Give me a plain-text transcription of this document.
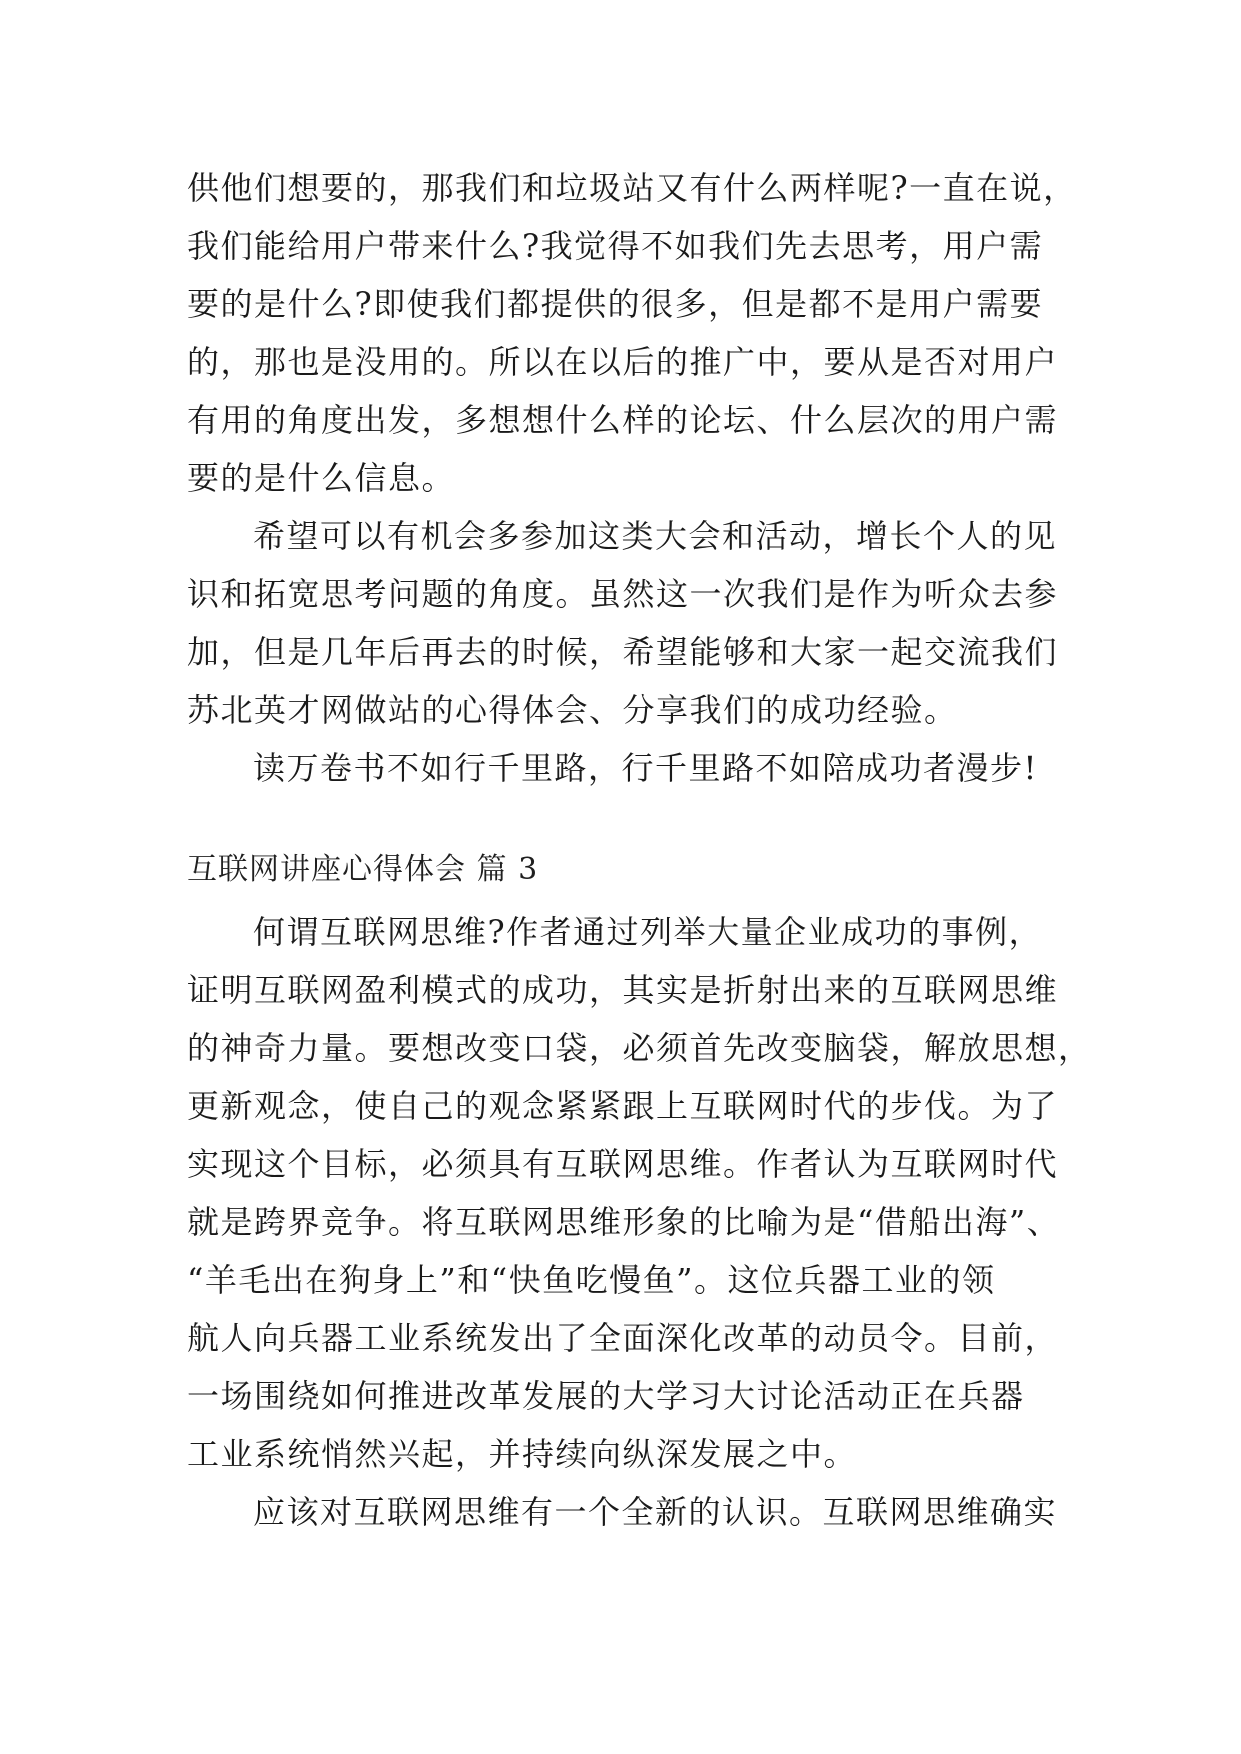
供他们想要的，那我们和垃圾站又有什么两样呢?一直在说，
我们能给用户带来什么?我觉得不如我们先去思考，用户需
要的是什么?即使我们都提供的很多，但是都不是用户需要
的，那也是没用的。所以在以后的推广中，要从是否对用户
有用的角度出发，多想想什么样的论坛、什么层次的用户需
要的是什么信息。
希望可以有机会多参加这类大会和活动，增长个人的见
识和拓宽思考问题的角度。虽然这一次我们是作为听众去参
加，但是几年后再去的时候，希望能够和大家一起交流我们
苏北英才网做站的心得体会、分享我们的成功经验。
读万卷书不如行千里路，行千里路不如陪成功者漫步!
互联网讲座心得体会 篇 3
何谓互联网思维?作者通过列举大量企业成功的事例，
证明互联网盈利模式的成功，其实是折射出来的互联网思维
的神奇力量。要想改变口袋，必须首先改变脑袋，解放思想，
更新观念，使自己的观念紧紧跟上互联网时代的步伐。为了
实现这个目标，必须具有互联网思维。作者认为互联网时代
就是跨界竞争。将互联网思维形象的比喻为是“借船出海”、
“羊毛出在狗身上”和“快鱼吃慢鱼”。这位兵器工业的领
航人向兵器工业系统发出了全面深化改革的动员令。目前，
一场围绕如何推进改革发展的大学习大讨论活动正在兵器
工业系统悄然兴起，并持续向纵深发展之中。
应该对互联网思维有一个全新的认识。互联网思维确实
